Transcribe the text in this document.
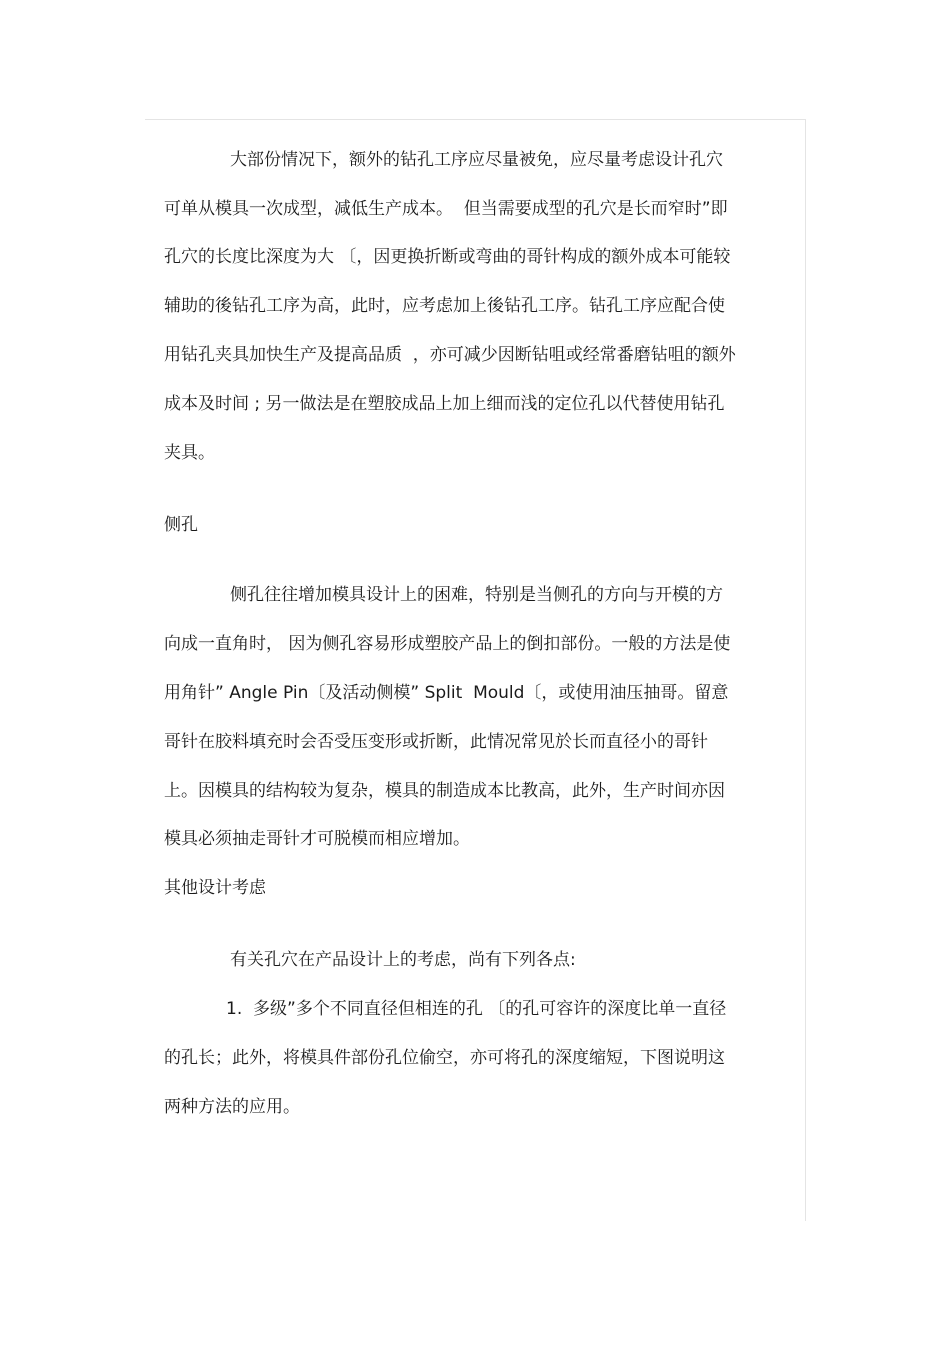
大部份情况下，额外的钻孔工序应尽量被免，应尽量考虑设计孔穴

可单从模具一次成型，减低生产成本。  但当需要成型的孔穴是长而窄时”即

孔穴的长度比深度为大 〔，因更换折断或弯曲的哥针构成的额外成本可能较

辅助的後钻孔工序为高，此时，应考虑加上後钻孔工序。钻孔工序应配合使

用钻孔夹具加快生产及提高品质  ，亦可减少因断钻咀或经常番磨钻咀的额外

成本及时间 ; 另一做法是在塑胶成品上加上细而浅的定位孔以代替使用钻孔

夹具。

侧孔

侧孔往往增加模具设计上的困难，特别是当侧孔的方向与开模的方

向成一直角时， 因为侧孔容易形成塑胶产品上的倒扣部份。一般的方法是使

用角针” Angle Pin〔及活动侧模” Split  Mould〔，或使用油压抽哥。留意

哥针在胶料填充时会否受压变形或折断，此情况常见於长而直径小的哥针

上。因模具的结构较为复杂，模具的制造成本比教高，此外，生产时间亦因

模具必须抽走哥针才可脱模而相应增加。

其他设计考虑

有关孔穴在产品设计上的考虑，尚有下列各点:

1.  多级”多个不同直径但相连的孔 〔的孔可容许的深度比单一直径

的孔长；此外，将模具件部份孔位偷空，亦可将孔的深度缩短，下图说明这

两种方法的应用。
